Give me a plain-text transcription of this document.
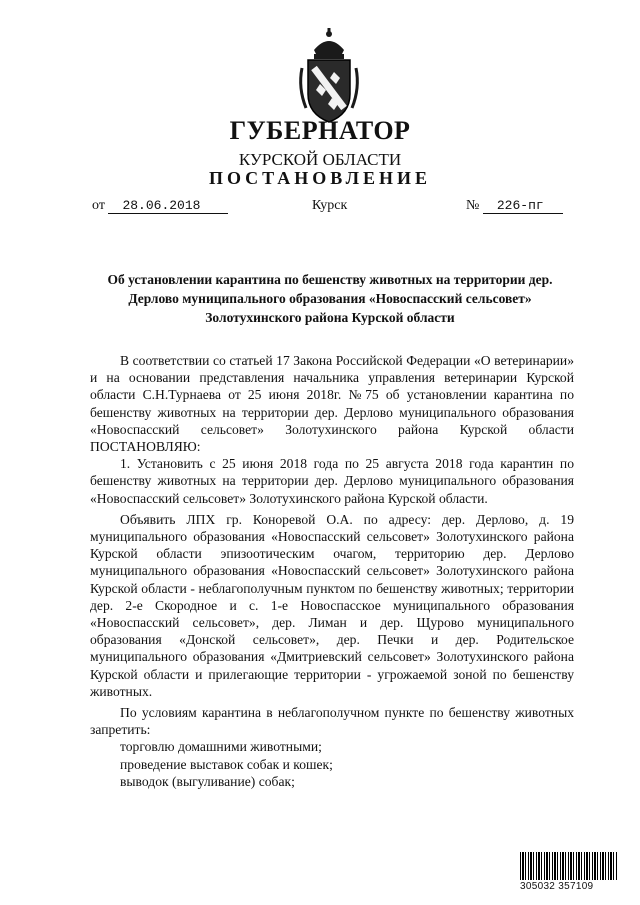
ГУБЕРНАТОР
КУРСКОЙ ОБЛАСТИ
ПОСТАНОВЛЕНИЕ
от 28.06.2018	Курск	№ 226-пг
Об установлении карантина по бешенству животных на территории дер. Дерлово муниципального образования «Новоспасский сельсовет» Золотухинского района Курской области

В соответствии со статьей 17 Закона Российской Федерации «О ветеринарии» и на основании представления начальника управления ветеринарии Курской области С.Н.Турнаева от 25 июня 2018г. №75 об установлении карантина по бешенству животных на территории дер. Дерлово муниципального образования «Новоспасский сельсовет» Золотухинского района Курской области ПОСТАНОВЛЯЮ:

1. Установить с 25 июня 2018 года по 25 августа 2018 года карантин по бешенству животных на территории дер. Дерлово муниципального образования «Новоспасский сельсовет» Золотухинского района Курской области.

Объявить ЛПХ гр. Коноревой О.А. по адресу: дер. Дерлово, д. 19 муниципального образования «Новоспасский сельсовет» Золотухинского района Курской области эпизоотическим очагом, территорию дер. Дерлово муниципального образования «Новоспасский сельсовет» Золотухинского района Курской области - неблагополучным пунктом по бешенству животных; территории дер. 2-е Скородное и с. 1-е Новоспасское муниципального образования «Новоспасский сельсовет», дер. Лиман и дер. Щурово муниципального образования «Донской сельсовет», дер. Печки и дер. Родительское муниципального образования «Дмитриевский сельсовет» Золотухинского района Курской области и прилегающие территории - угрожаемой зоной по бешенству животных.

По условиям карантина в неблагополучном пункте по бешенству животных запретить:

торговлю домашними животными;

проведение выставок собак и кошек;

выводок (выгуливание) собак;

305032 357109
